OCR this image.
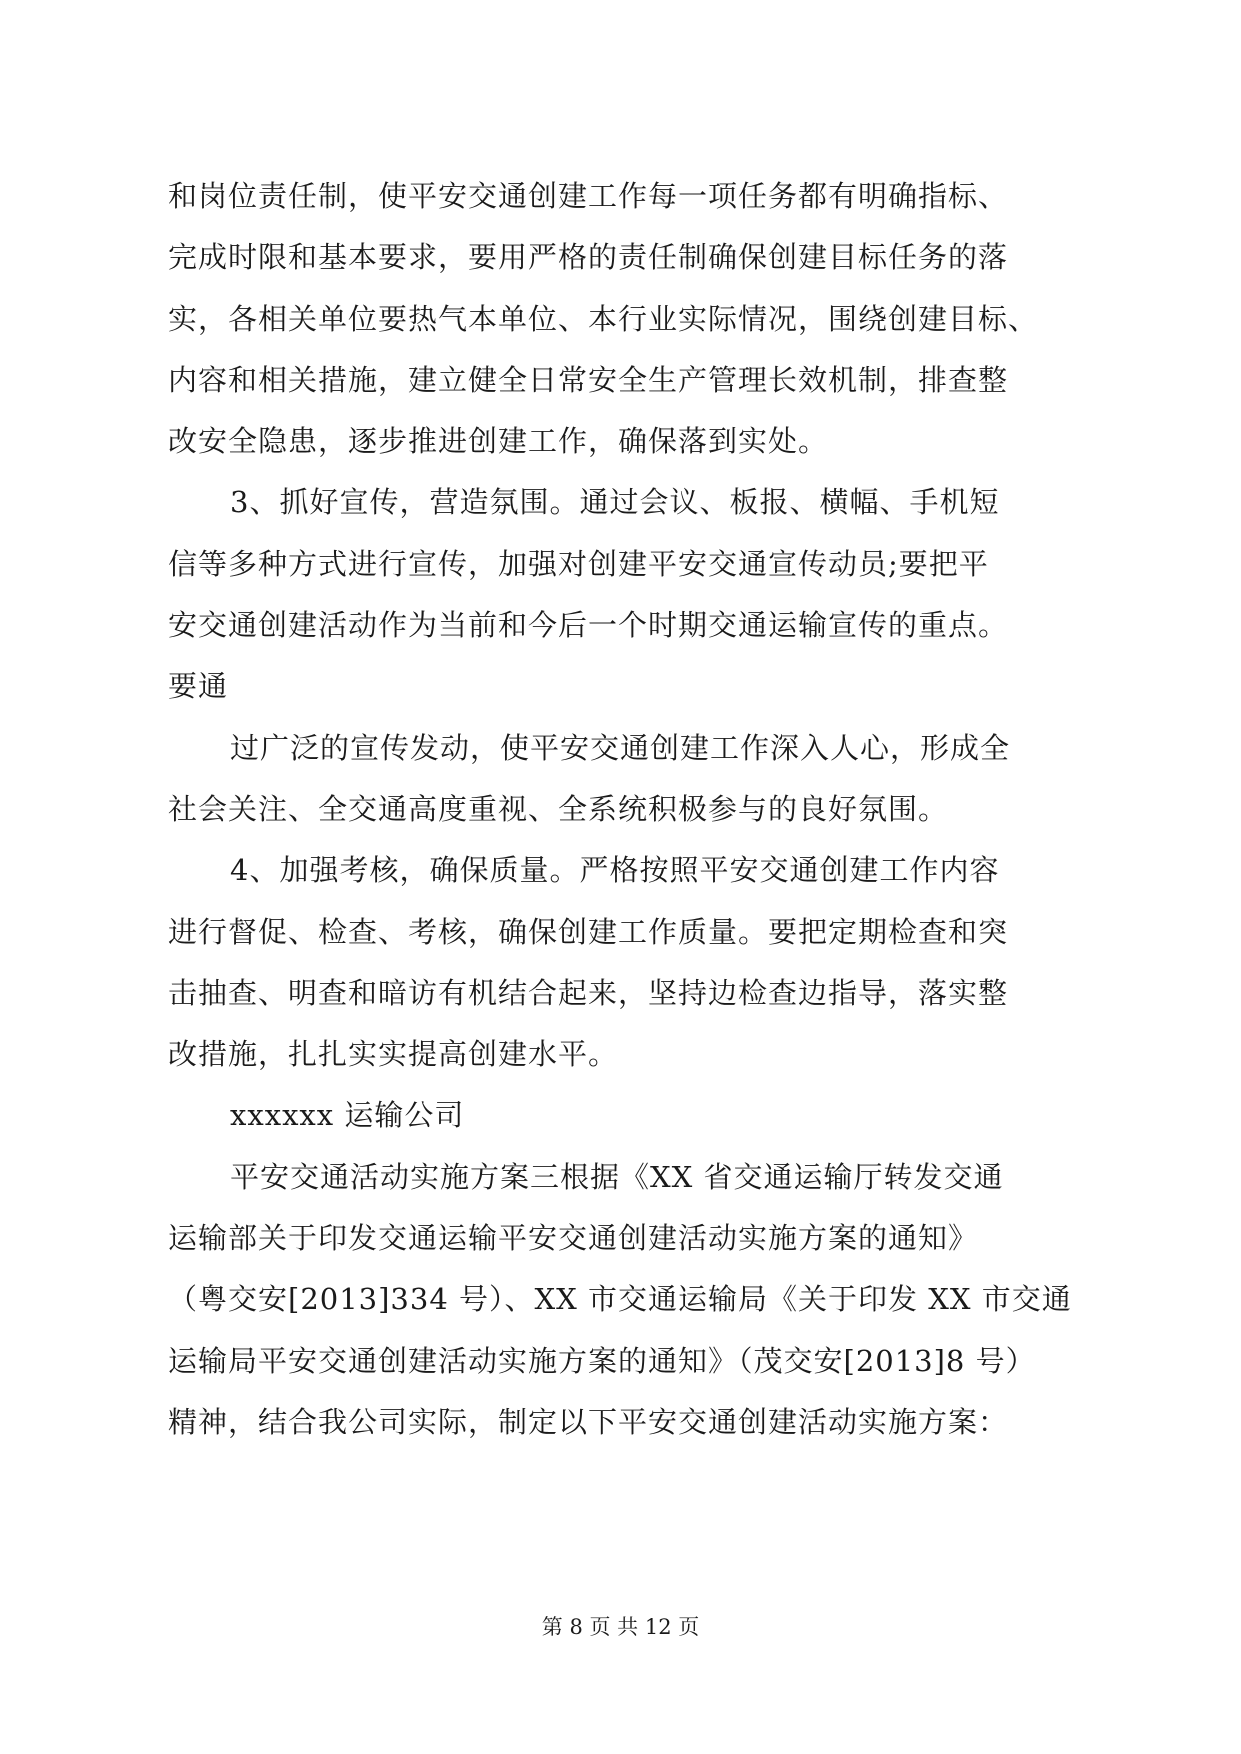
和岗位责任制，使平安交通创建工作每一项任务都有明确指标、
完成时限和基本要求，要用严格的责任制确保创建目标任务的落
实，各相关单位要热气本单位、本行业实际情况，围绕创建目标、
内容和相关措施，建立健全日常安全生产管理长效机制，排查整
改安全隐患，逐步推进创建工作，确保落到实处。
3、抓好宣传，营造氛围。通过会议、板报、横幅、手机短
信等多种方式进行宣传，加强对创建平安交通宣传动员;要把平
安交通创建活动作为当前和今后一个时期交通运输宣传的重点。
要通
过广泛的宣传发动，使平安交通创建工作深入人心，形成全
社会关注、全交通高度重视、全系统积极参与的良好氛围。
4、加强考核，确保质量。严格按照平安交通创建工作内容
进行督促、检查、考核，确保创建工作质量。要把定期检查和突
击抽查、明查和暗访有机结合起来，坚持边检查边指导，落实整
改措施，扎扎实实提高创建水平。
xxxxxx 运输公司
平安交通活动实施方案三根据《XX 省交通运输厅转发交通
运输部关于印发交通运输平安交通创建活动实施方案的通知》
（粤交安[2013]334 号）、XX 市交通运输局《关于印发 XX 市交通
运输局平安交通创建活动实施方案的通知》（茂交安[2013]8 号）
精神，结合我公司实际，制定以下平安交通创建活动实施方案：
第 8 页 共 12 页
